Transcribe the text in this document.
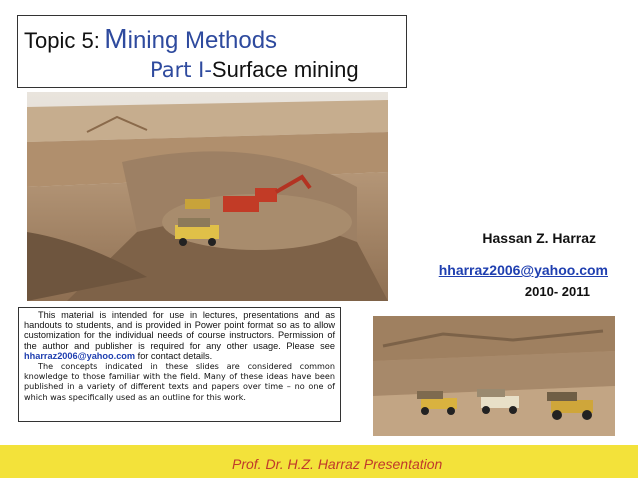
Topic 5: Mining Methods
Part I-Surface mining
Hassan Z. Harraz
hharraz2006@yahoo.com
2010- 2011

This material is intended for use in lectures, presentations and as handouts to students, and is provided in Power point format so as to allow customization for the individual needs of course instructors. Permission of the author and publisher is required for any other usage. Please see hharraz2006@yahoo.com for contact details.

The concepts indicated in these slides are considered common knowledge to those familiar with the field. Many of these ideas have been published in a variety of different texts and papers over time – no one of which was specifically used as an outline for this work.

Prof. Dr. H.Z. Harraz Presentation
